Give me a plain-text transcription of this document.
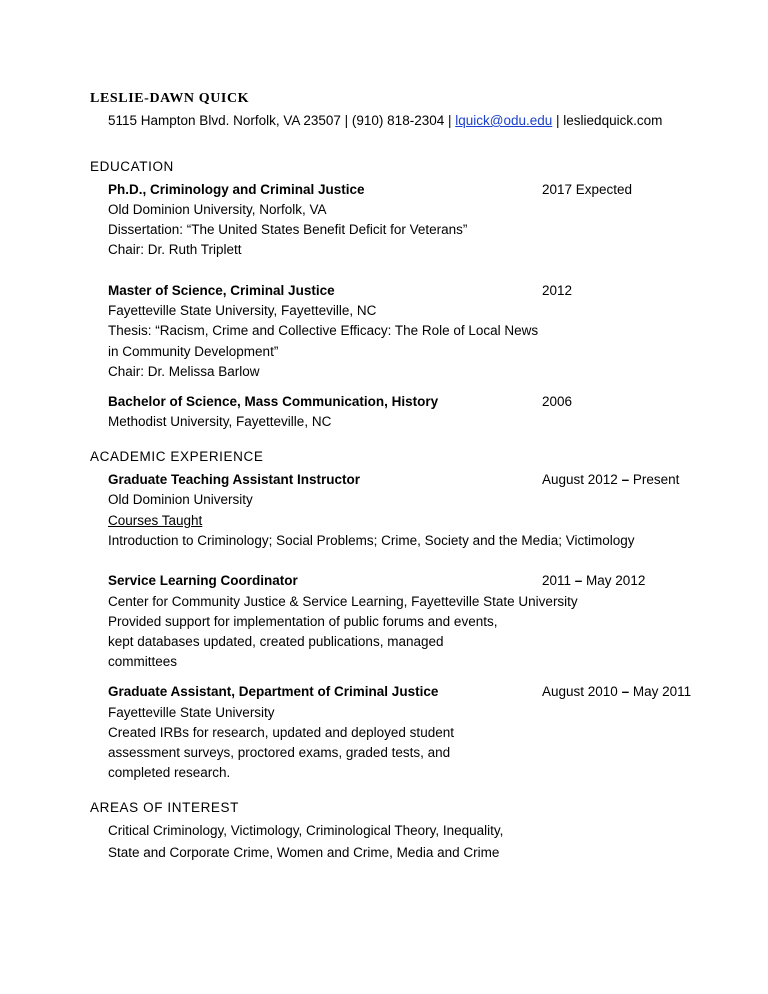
LESLIE-DAWN QUICK
5115 Hampton Blvd. Norfolk, VA 23507 | (910) 818-2304 | lquick@odu.edu | lesliedquick.com
EDUCATION
Ph.D., Criminology and Criminal Justice	2017 Expected
Old Dominion University, Norfolk, VA
Dissertation: “The United States Benefit Deficit for Veterans”
Chair: Dr. Ruth Triplett
Master of Science, Criminal Justice	2012
Fayetteville State University, Fayetteville, NC
Thesis: “Racism, Crime and Collective Efficacy: The Role of Local News
in Community Development”
Chair: Dr. Melissa Barlow
Bachelor of Science, Mass Communication, History	2006
Methodist University, Fayetteville, NC
ACADEMIC EXPERIENCE
Graduate Teaching Assistant Instructor	August 2012 – Present
Old Dominion University
Courses Taught
Introduction to Criminology; Social Problems; Crime, Society and the Media; Victimology
Service Learning Coordinator	2011 – May 2012
Center for Community Justice & Service Learning, Fayetteville State University
Provided support for implementation of public forums and events,
kept databases updated, created publications, managed
committees
Graduate Assistant, Department of Criminal Justice	August 2010 – May 2011
Fayetteville State University
Created IRBs for research, updated and deployed student
assessment surveys, proctored exams, graded tests, and
completed research.
AREAS OF INTEREST
Critical Criminology, Victimology, Criminological Theory, Inequality,
State and Corporate Crime, Women and Crime, Media and Crime
